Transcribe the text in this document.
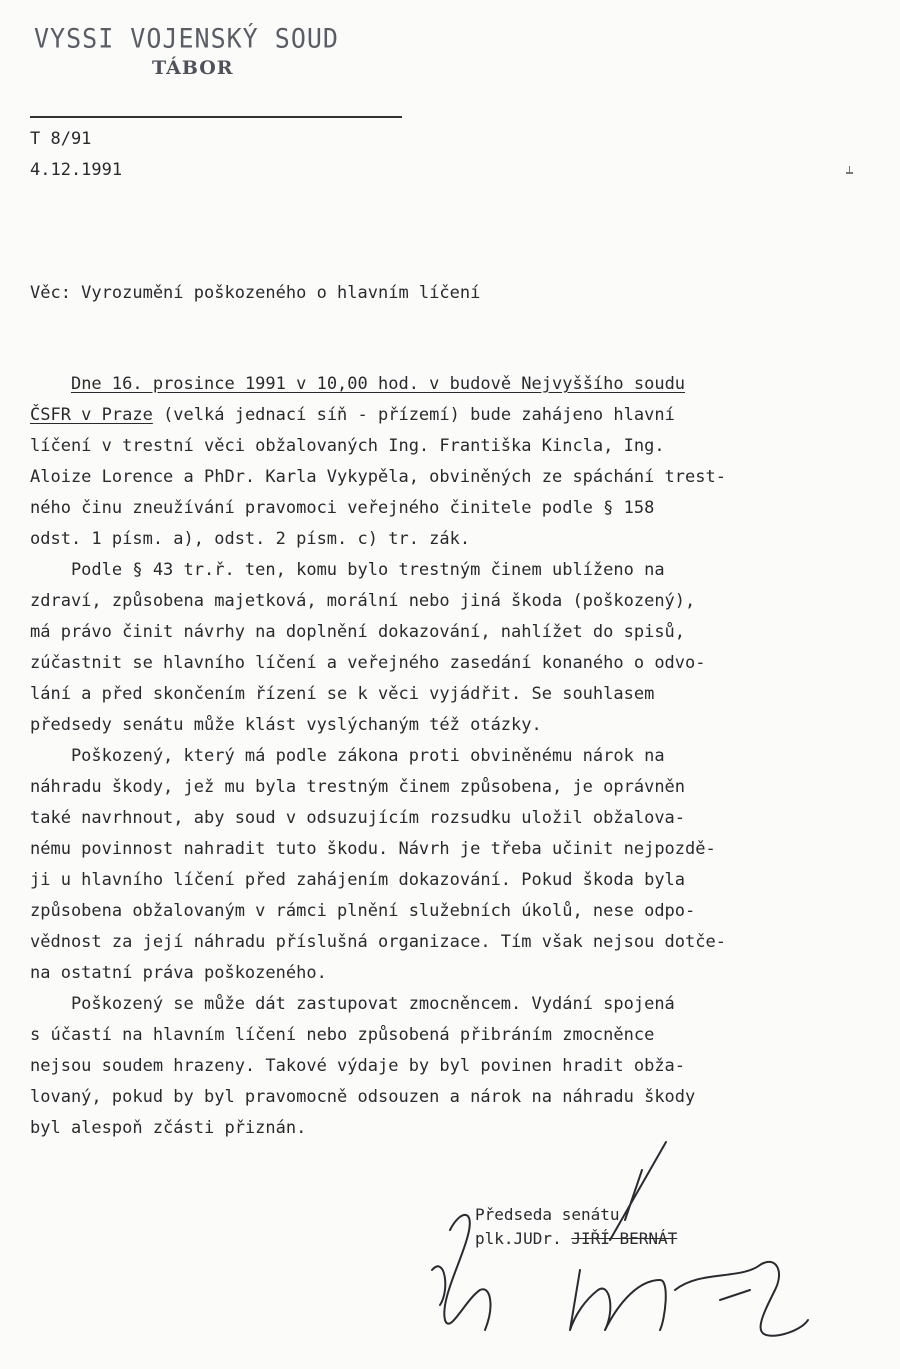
VYSSI VOJENSKÝ SOUD
TÁBOR
T 8/91
4.12.1991
Věc: Vyrozumění poškozeného o hlavním líčení
Dne 16. prosince 1991 v 10,00 hod. v budově Nejvyššího soudu
ČSFR v Praze (velká jednací síň - přízemí) bude zahájeno hlavní
líčení v trestní věci obžalovaných Ing. Františka Kincla, Ing.
Aloize Lorence a PhDr. Karla Vykypěla, obviněných ze spáchání trest-
ného činu zneužívání pravomoci veřejného činitele podle § 158
odst. 1 písm. a), odst. 2 písm. c) tr. zák.
Podle § 43 tr.ř. ten, komu bylo trestným činem ublíženo na
zdraví, způsobena majetková, morální nebo jiná škoda (poškozený),
má právo činit návrhy na doplnění dokazování, nahlížet do spisů,
zúčastnit se hlavního líčení a veřejného zasedání konaného o odvo-
lání a před skončením řízení se k věci vyjádřit. Se souhlasem
předsedy senátu může klást vyslýchaným též otázky.
Poškozený, který má podle zákona proti obviněnému nárok na
náhradu škody, jež mu byla trestným činem způsobena, je oprávněn
také navrhnout, aby soud v odsuzujícím rozsudku uložil obžalova-
nému povinnost nahradit tuto škodu. Návrh je třeba učinit nejpozdě-
ji u hlavního líčení před zahájením dokazování. Pokud škoda byla
způsobena obžalovaným v rámci plnění služebních úkolů, nese odpo-
vědnost za její náhradu příslušná organizace. Tím však nejsou dotče-
na ostatní práva poškozeného.
Poškozený se může dát zastupovat zmocněncem. Vydání spojená
s účastí na hlavním líčení nebo způsobená přibráním zmocněnce
nejsou soudem hrazeny. Takové výdaje by byl povinen hradit obža-
lovaný, pokud by byl pravomocně odsouzen a nárok na náhradu škody
byl alespoň zčásti přiznán.
Předseda senátu
plk.JUDr. JIŘÍ BERNÁT
